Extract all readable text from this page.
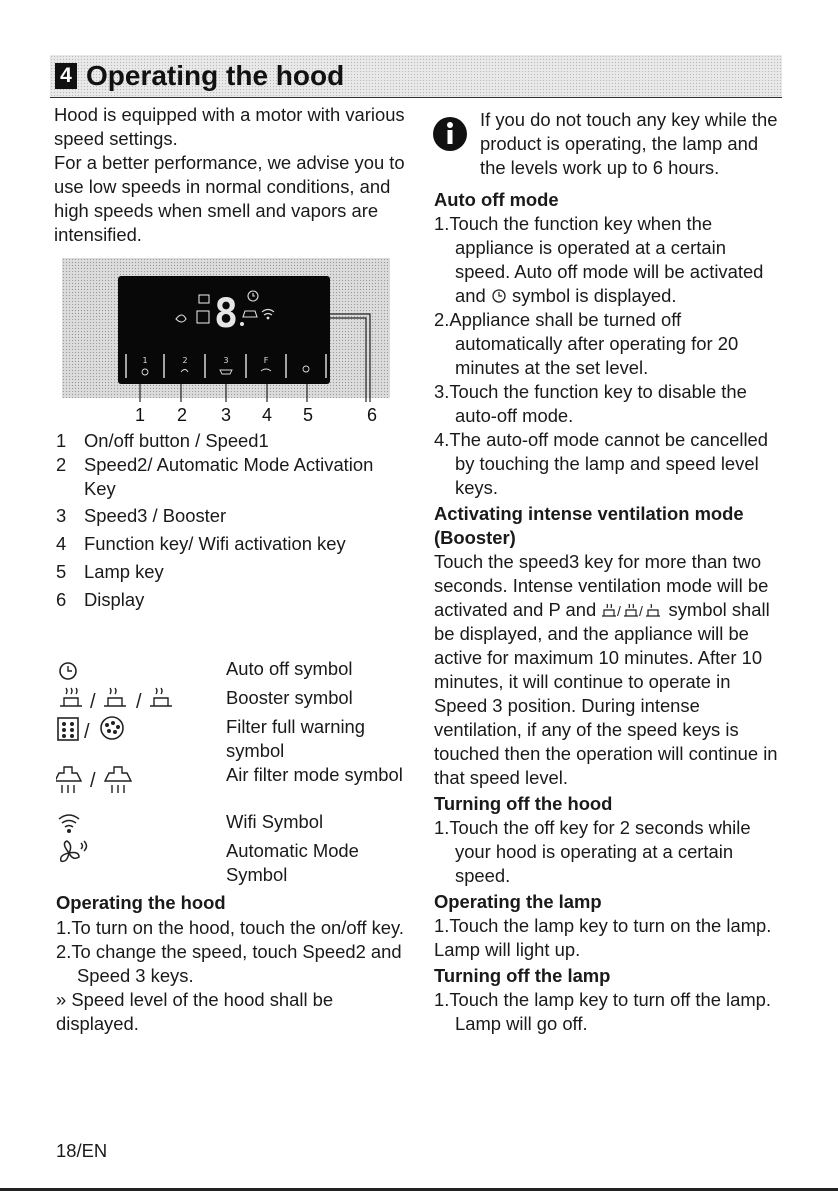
4 Operating the hood

Hood is equipped with a motor with various speed settings.

For a better performance, we advise you to use low speeds in normal conditions, and high speeds when smell and vapors are intensified.

8
1	2	3	F
1 2 3 4 5	6
1 On/off button / Speed1
2 Speed2/ Automatic Mode Activation Key
3 Speed3 / Booster
4 Function key/ Wifi activation key
5 Lamp key
6 Display
Auto off symbol
/ /	Booster symbol
/	Filter full warning symbol
/	Air filter mode symbol
Wifi Symbol
Automatic Mode Symbol
Operating the hood
1.To turn on the hood, touch the on/off key.
2.To change the speed, touch Speed2 and Speed 3 keys.
» Speed level of the hood shall be displayed.
If you do not touch any key while the product is operating, the lamp and the levels work up to 6 hours.
Auto off mode
1.Touch the function key when the appliance is operated at a certain speed. Auto off mode will be activated and symbol is displayed.
2.Appliance shall be turned off automatically after operating for 20 minutes at the set level.
3.Touch the function key to disable the auto-off mode.
4.The auto-off mode cannot be cancelled by touching the lamp and speed level keys.
Activating intense ventilation mode (Booster)
Touch the speed3 key for more than two seconds. Intense ventilation mode will be activated and P and / / symbol shall be displayed, and the appliance will be active for maximum 10 minutes. After 10 minutes, it will continue to operate in Speed 3 position. During intense ventilation, if any of the speed keys is touched then the operation will continue in that speed level.
Turning off the hood
1.Touch the off key for 2 seconds while your hood is operating at a certain speed.
Operating the lamp
1.Touch the lamp key to turn on the lamp.
Lamp will light up.
Turning off the lamp
1.Touch the lamp key to turn off the lamp. Lamp will go off.
18/EN
